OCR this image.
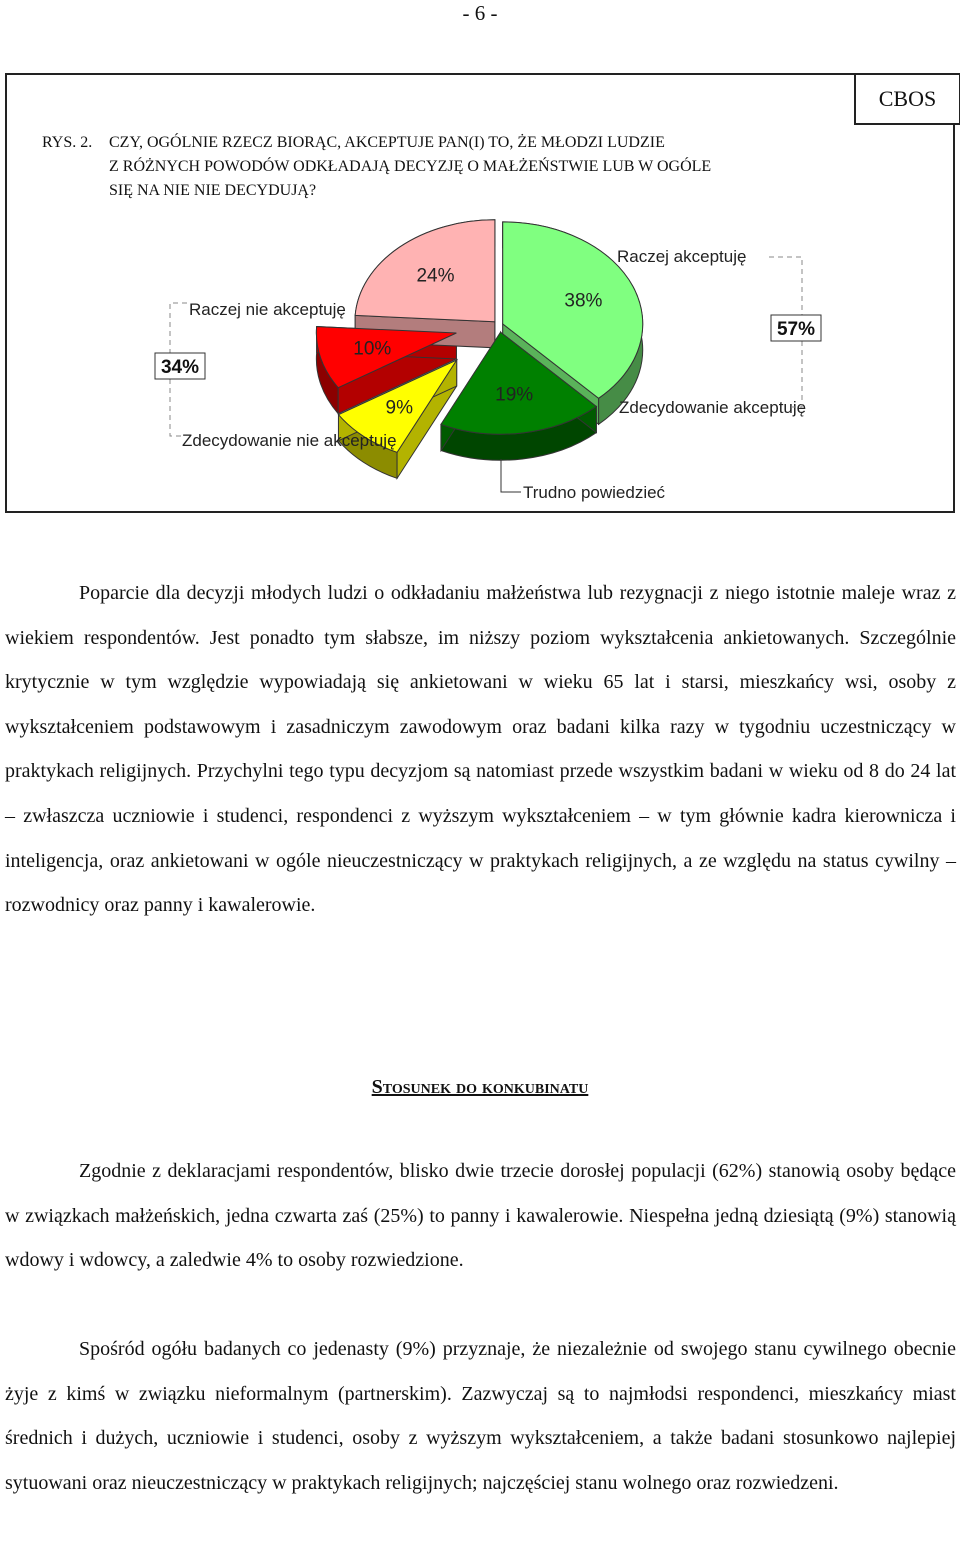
- 6 -
CBOS
RYS. 2.	CZY, OGÓLNIE RZECZ BIORĄC, AKCEPTUJE PAN(I) TO, ŻE MŁODZI LUDZIE
Z RÓŻNYCH POWODÓW ODKŁADAJĄ DECYZJĘ O MAŁŻEŃSTWIE LUB W OGÓLE
SIĘ NA NIE NIE DECYDUJĄ?
38%
19%
9%
10%
24%
Raczej akceptuję
Zdecydowanie akceptuję
Trudno powiedzieć
Zdecydowanie nie akceptuję
Raczej nie akceptuję
57%
34%

Poparcie dla decyzji młodych ludzi o odkładaniu małżeństwa lub rezygnacji z niego istotnie maleje wraz z wiekiem respondentów. Jest ponadto tym słabsze, im niższy poziom wykształcenia ankietowanych. Szczególnie krytycznie w tym względzie wypowiadają się ankietowani w wieku 65 lat i starsi, mieszkańcy wsi, osoby z wykształceniem podstawowym i zasadniczym zawodowym oraz badani kilka razy w tygodniu uczestniczący w praktykach religijnych. Przychylni tego typu decyzjom są natomiast przede wszystkim badani w wieku od 8 do 24 lat – zwłaszcza uczniowie i studenci, respondenci z wyższym wykształceniem – w tym głównie kadra kierownicza i inteligencja, oraz ankietowani w ogóle nieuczestniczący w praktykach religijnych, a ze względu na status cywilny – rozwodnicy oraz panny i kawalerowie.

Stosunek do konkubinatu

Zgodnie z deklaracjami respondentów, blisko dwie trzecie dorosłej populacji (62%) stanowią osoby będące w związkach małżeńskich, jedna czwarta zaś (25%) to panny i kawalerowie. Niespełna jedną dziesiątą (9%) stanowią wdowy i wdowcy, a zaledwie 4% to osoby rozwiedzione.

Spośród ogółu badanych co jedenasty (9%) przyznaje, że niezależnie od swojego stanu cywilnego obecnie żyje z kimś w związku nieformalnym (partnerskim). Zazwyczaj są to najmłodsi respondenci, mieszkańcy miast średnich i dużych, uczniowie i studenci, osoby z wyższym wykształceniem, a także badani stosunkowo najlepiej sytuowani oraz nieuczestniczący w praktykach religijnych; najczęściej stanu wolnego oraz rozwiedzeni.
